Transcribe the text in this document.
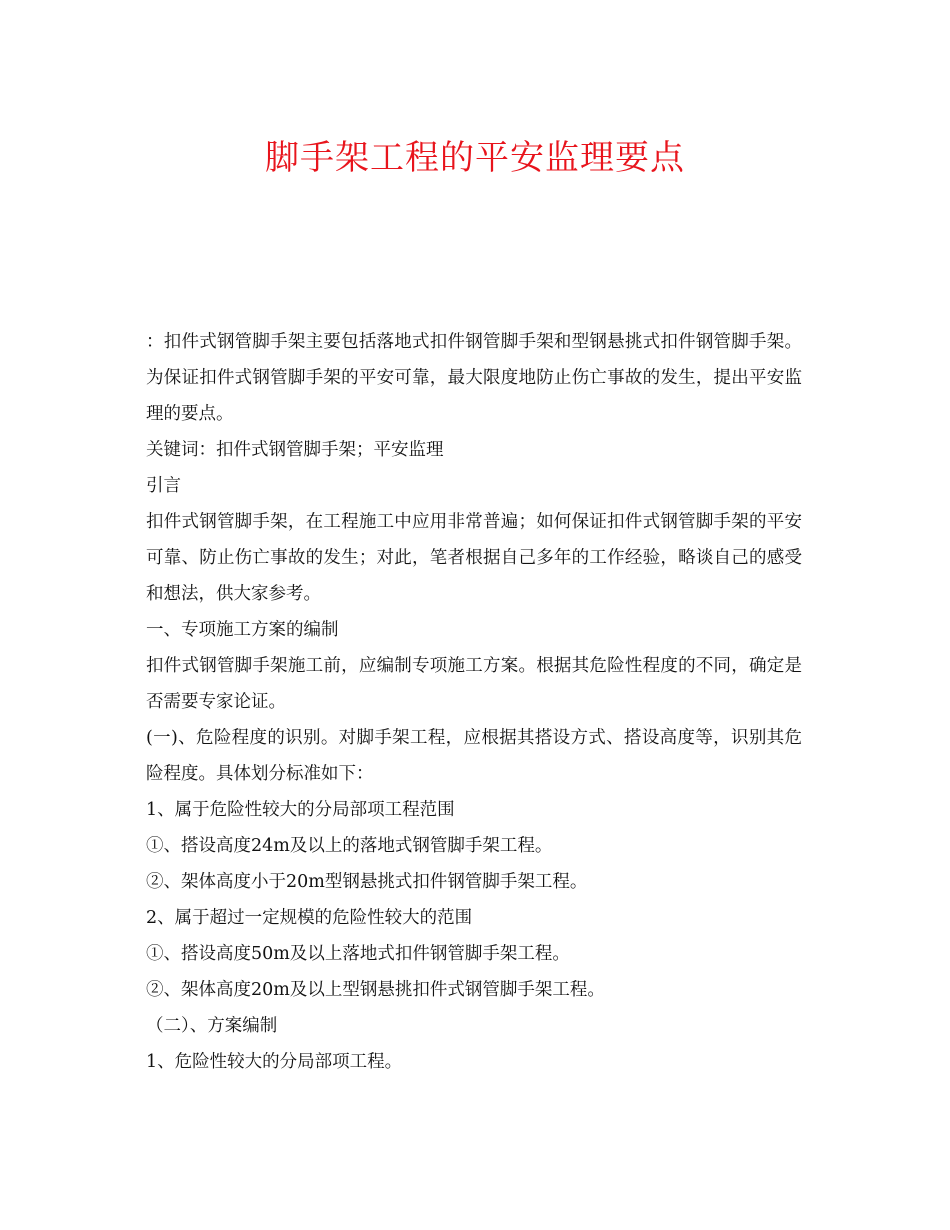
脚手架工程的平安监理要点

：扣件式钢管脚手架主要包括落地式扣件钢管脚手架和型钢悬挑式扣件钢管脚手架。为保证扣件式钢管脚手架的平安可靠，最大限度地防止伤亡事故的发生，提出平安监理的要点。

关键词：扣件式钢管脚手架；平安监理

引言

扣件式钢管脚手架，在工程施工中应用非常普遍；如何保证扣件式钢管脚手架的平安可靠、防止伤亡事故的发生；对此，笔者根据自己多年的工作经验，略谈自己的感受和想法，供大家参考。

一、专项施工方案的编制

扣件式钢管脚手架施工前，应编制专项施工方案。根据其危险性程度的不同，确定是否需要专家论证。

(一)、危险程度的识别。对脚手架工程，应根据其搭设方式、搭设高度等，识别其危险程度。具体划分标准如下：

1、属于危险性较大的分局部项工程范围

①、搭设高度24m及以上的落地式钢管脚手架工程。

②、架体高度小于20m型钢悬挑式扣件钢管脚手架工程。

2、属于超过一定规模的危险性较大的范围

①、搭设高度50m及以上落地式扣件钢管脚手架工程。

②、架体高度20m及以上型钢悬挑扣件式钢管脚手架工程。

（二）、方案编制

1、危险性较大的分局部项工程。
